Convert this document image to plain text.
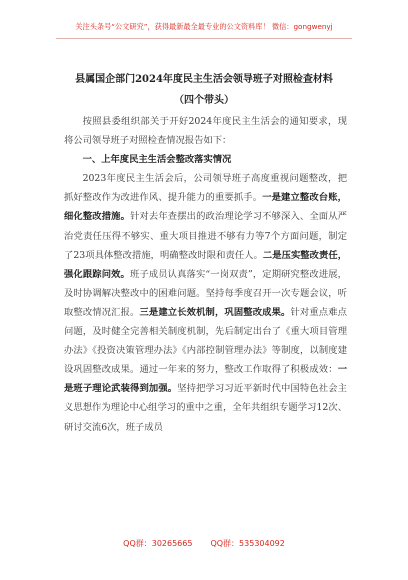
关注头条号“公文研究”，获得最新最全最专业的公文资料库！ 微信：gongwenyj
县属国企部门2024年度民主生活会领导班子对照检查材料
（四个带头）

按照县委组织部关于开好2024年度民主生活会的通知要求，现将公司领导班子对照检查情况报告如下：

一、上年度民主生活会整改落实情况

2023年度民主生活会后，公司领导班子高度重视问题整改，把抓好整改作为改进作风、提升能力的重要抓手。一是建立整改台账，细化整改措施。针对去年查摆出的政治理论学习不够深入、全面从严治党责任压得不够实、重大项目推进不够有力等7个方面问题，制定了23项具体整改措施，明确整改时限和责任人。二是压实整改责任，强化跟踪问效。班子成员认真落实“一岗双责”，定期研究整改进展，及时协调解决整改中的困难问题。坚持每季度召开一次专题会议，听取整改情况汇报。三是建立长效机制，巩固整改成果。针对重点难点问题，及时健全完善相关制度机制，先后制定出台了《重大项目管理办法》《投资决策管理办法》《内部控制管理办法》等制度，以制度建设巩固整改成果。通过一年来的努力，整改工作取得了积极成效：一是班子理论武装得到加强。坚持把学习习近平新时代中国特色社会主义思想作为理论中心组学习的重中之重，全年共组织专题学习12次、研讨交流6次，班子成员

QQ群：30265665 QQ群：535304092
